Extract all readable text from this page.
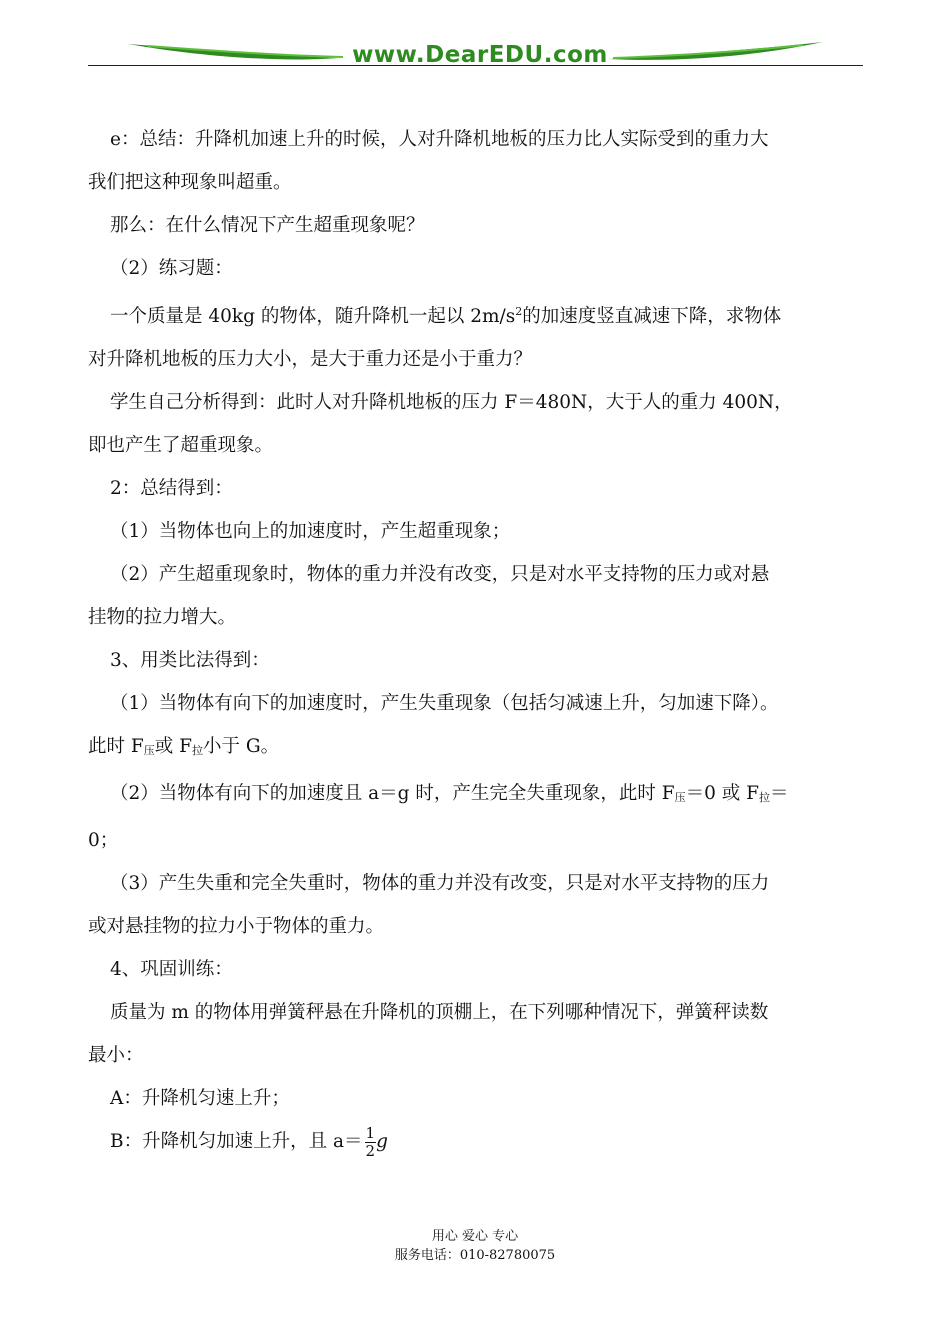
www.DearEDU.com

e：总结：升降机加速上升的时候，人对升降机地板的压力比人实际受到的重力大

我们把这种现象叫超重。

那么：在什么情况下产生超重现象呢？

（2）练习题：

一个质量是 40kg 的物体，随升降机一起以 $2m/s^2$的加速度竖直减速下降，求物体

对升降机地板的压力大小，是大于重力还是小于重力？

学生自己分析得到：此时人对升降机地板的压力 F＝480N，大于人的重力 400N，

即也产生了超重现象。

2：总结得到：

（1）当物体也向上的加速度时，产生超重现象；

（2）产生超重现象时，物体的重力并没有改变，只是对水平支持物的压力或对悬

挂物的拉力增大。

3、用类比法得到：

（1）当物体有向下的加速度时，产生失重现象（包括匀减速上升，匀加速下降）。

此时 F压或 F拉小于 G。

（2）当物体有向下的加速度且 a＝g 时，产生完全失重现象，此时 F压＝0 或 F拉＝

0；

（3）产生失重和完全失重时，物体的重力并没有改变，只是对水平支持物的压力

或对悬挂物的拉力小于物体的重力。

4、巩固训练：

质量为 m 的物体用弹簧秤悬在升降机的顶棚上，在下列哪种情况下，弹簧秤读数

最小：

A：升降机匀速上升；

B：升降机匀加速上升，且 $a= \frac{1}{2}$ g

用心 爱心 专心
服务电话：010-82780075
